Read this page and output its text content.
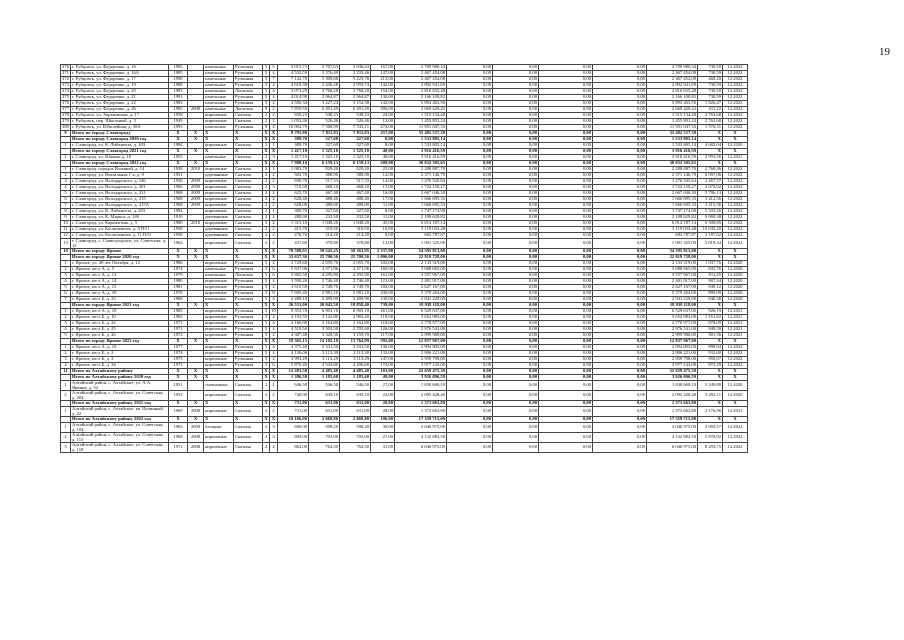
19
370	г. Рубцовск, ул. Федоренко, д. 16	1985		панельные	Рулонная	5	5	5 015,73	3 707,63	3 636,63	167,00	2 709 980,34	0,00	0,00	0,00	0,00	2 709 980,34	730,59	12.2022
371	г. Рубцовск, ул. Федоренко, д. 16А	1985		панельные	Рулонная	5	4	4 532,59	3 376,49	3 233,46	147,00	2 467 454,08	0,00	0,00	0,00	0,00	2 467 454,08	730,59	12.2022
372	г. Рубцовск, ул. Федоренко, д. 17	1990		панельные	Рулонная	5	7	7 142,78	5 309,68	5 225,78	213,00	2 467 454,08	0,00	0,00	0,00	0,00	2 467 454,08	468,20	12.2022
373	г. Рубцовск, ул. Федоренко, д. 19	1988		панельные	Рулонная	5	4	4 618,38	3 436,28	3 959,74	142,00	2 892 941,69	0,00	0,00	0,00	0,00	2 892 941,69	730,59	12.2022
374	г. Рубцовск, ул. Федоренко, д. 20	1985		панельные	Логковая	5	4	5 073,29	3 768,28	3 768,28	154,00	2 810 655,48	0,00	0,00	0,00	0,00	2 810 655,48	730,59	12.2022
375	г. Рубцовск, ул. Федоренко, д. 21	1991		панельные	Рулонная	5	4	4 014,98	2 964,87	2 964,87	130,00	2 166 100,82	0,00	0,00	0,00	0,00	2 166 100,82	730,59	12.2022
376	г. Рубцовск, ул. Федоренко, д. 22	1983		панельные	Рулонная	5	4	4 506,34	3 227,24	3 154,38	142,00	5 894 463,50	0,00	0,00	0,00	0,00	5 894 463,50	1 826,47	12.2023
377	г. Рубцовск, ул. Федоренко, д. 26	1985	2008	панельные	Логковая	9	2	7 859,59	6 491,49	6 491,49	396,00	2 669 429,42	0,00	0,00	0,00	0,00	2 669 429,42	411,22	12.2022
378	г. Рубцовск, ул. Харьковская, д. 17	1958		кирпичные	Скатная	2	2	650,23	548,23	548,23	24,00	1 515 134,48	0,00	0,00	0,00	0,00	1 515 134,48	2 763,68	12.2022
379	г. Рубцовск, пер. Школьный, д. 3	1949		кирпичные	Скатная	2	2	1 052,36	526,46	526,46	12,00	1 455 891,24	0,00	0,00	0,00	0,00	1 455 891,24	2 763,68	12.2022
380	г. Рубцовск, ул. Юбилейная, д. 38А	1993		панельные	Рулонная	9	4	10 004,79	7 568,99	7 533,11	274,00	11 951 047,33	0,00	0,00	0,00	0,00	11 951 047,33	1 576,31	12.2022
9	Итого по городу Славгороду	X	X	X	X	X	X	9 795,80	7 811,83	7 811,83	257,00	35 482 537,38	0,00	0,00	0,00	0,00	35 482 537,38	X	X
	Итого по городу Славгород 2020 год	X	X	X	X	X	X	389,70	327,60	327,60	8,00	1 533 805,14	0,00	0,00	0,00	0,00	1 533 805,14	X	X
1	г. Славгород, ул. К. Либкнехта, д. 203	1984		кирпичные	Скатная	2	1	389,70	327,60	327,60	8,00	1 533 805,14	0,00	0,00	0,00	0,00	1 533 805,14	4 682,04	12.2020
	Итого по городу Славгород 2021 год	X	X	X	X	X	X	1 417,10	1 325,10	1 325,10	40,00	3 916 416,59	0,00	0,00	0,00	0,00	3 916 416,59	X	X
1	г. Славгород, ул. Южная, д. 10	1955		панельные	Скатная	2	3	1 417,10	1 325,10	1 325,10	40,00	3 916 416,59	0,00	0,00	0,00	0,00	3 916 416,59	2 955,56	12.2021
	Итого по городу Славгород 2022 год	X	X	X	X	X	X	7 988,10	6 159,13	6 159,13	209,00	30 032 305,65	0,00	0,00	0,00	0,00	30 032 305,65	X	X
1	г. Славгород, городок Военный, д. 14	1939	2010	кирпичные	Скатная	2	3	1 083,70	829,20	829,20	25,00	2 288 887,70	0,00	0,00	0,00	0,00	2 288 887,70	2 760,36	12.2022
2	г. Славгород, ул. Вокзальная 1-я, д. 9	1931		деревянные	Скатная	2	2	502,70	388,90	388,90	14,00	2 371 146,79	0,00	0,00	0,00	0,00	2 371 146,79	6 097,06	12.2022
3	г. Славгород, ул. Володарского, д. 146	1936	2009	кирпичные	Скатная	2	2	690,70	517,33	517,33	14,00	1 276 545,64	0,00	0,00	0,00	0,00	1 276 545,64	2 467,57	12.2022
4	г. Славгород, ул. Володарского, д. 201	1966	2009	кирпичные	Скатная	2	3	710,30	468,10	468,10	17,00	1 722 150,27	0,00	0,00	0,00	0,00	1 722 150,27	3 679,02	12.2022
5	г. Славгород, ул. Володарского, д. 211	1968	2009	кирпичные	Скатная	2	2	625,70	467,40	467,40	16,00	2 667 046,30	0,00	0,00	0,00	0,00	2 667 046,30	5 706,13	12.2022
6	г. Славгород, ул. Володарского, д. 215	1968	2009	кирпичные	Скатная	2	2	628,40	488,40	488,40	17,00	1 666 695,33	0,00	0,00	0,00	0,00	1 666 695,33	3 412,56	12.2022
7	г. Славгород, ул. Володарского, д. 215А	1968	2009	кирпичные	Скатная	2	2	628,00	488,00	488,00	11,00	1 666 695,33	0,00	0,00	0,00	0,00	1 666 695,33	3 415,36	12.2022
8	г. Славгород, ул. К. Либкнехта, д. 203	1984		кирпичные	Скатная	2	1	389,70	327,60	327,60	8,00	1 747 174,98	0,00	0,00	0,00	0,00	1 747 174,98	5 333,26	12.2022
9	г. Славгород, ул. К. Маркса, д. 149	1910		деревянные	Скатная	2	2	280,90	232,50	232,50	11,00	2 108 629,82	0,00	0,00	0,00	0,00	2 108 629,82	9 069,38	12.2022
10	г. Славгород, ул. Карамзгина, д. 5	1980	2010	кирпичные	Скатная	3	2	1 315,10	1 048,20	1 048,20	45,00	6 814 187,14	0,00	0,00	0,00	0,00	6 814 187,14	6 500,85	12.2022
11	г. Славгород, ул. Космонавтов, д. 9 П/О	1958		деревянные	Скатная	2	2	415,70	310,50	310,50	10,00	3 119 033,48	0,00	0,00	0,00	0,00	3 119 033,48	10 045,20	12.2022
12	г. Славгород, ул. Космонавтов, д. 11 П/О	1958		деревянные	Скатная	2	2	276,70	214,20	214,20	8,00	682 787,87	0,00	0,00	0,00	0,00	682 787,87	3 187,62	12.2022
13	г. Славгород, с. Славгородское, ул. Советская, д. 12	1962		кирпичные	Скатная	2	2	437,60	378,80	378,80	13,00	1 901 325,00	0,00	0,00	0,00	0,00	1 901 325,00	5 019,34	12.2022
10	Итого по городу Яровое	X	X	X	X	X	X	78 588,91	59 545,25	58 363,95	2 337,00	54 595 813,00	0,00	0,00	0,00	0,00	54 595 813,00	X	X
	Итого по городу Яровое 2020 год	X	X	X	X	X	X	33 637,36	25 700,56	25 700,56	1 006,00	22 819 728,00	0,00	0,00	0,00	0,00	22 819 728,00	X	X
1	г. Яровое, ул. 40 лет Октября, д. 12	1986		кирпичные	Рулонная	5	2	2 729,60	2 055,70	2 055,70	102,00	2 133 319,00	0,00	0,00	0,00	0,00	2 133 319,00	1 037,76	12.2020
2	г. Яровое, кв-л А, д. 5	1974		панельные	Рулонная	5	6	5 637,06	4 371,96	4 371,96	160,00	3 688 665,00	0,00	0,00	0,00	0,00	3 688 665,00	843,76	12.2020
3	г. Яровое, кв-л А, д. 12	1979		панельные	Логковая	5	6	5 865,50	4 295,80	4 295,80	161,00	3 557 967,00	0,00	0,00	0,00	0,00	3 557 967,00	811,45	12.2020
4	г. Яровое, кв-л А, д. 14	1980		кирпичные	Рулонная	5	4	3 590,20	2 746,40	2 746,40	121,00	2 491 917,00	0,00	0,00	0,00	0,00	2 491 917,00	907,34	12.2020
5	г. Яровое, кв-л А, д. 15	1981		кирпичные	Рулонная	5	4	3 610,50	2 749,70	2 749,70	102,00	2 627 167,00	0,00	0,00	0,00	0,00	2 627 167,00	949,12	12.2020
6	г. Яровое, кв-л А, д. 39	1976		кирпичные	Рулонная	5	8	7 695,40	5 981,10	5 981,10	230,00	5 379 264,00	0,00	0,00	0,00	0,00	5 379 264,00	899,09	12.2020
7	г. Яровое, кв-л Б, д. 23	1968		панельные	Рулонная	5	4	4 489,10	3 499,90	3 499,90	130,00	2 941 229,00	0,00	0,00	0,00	0,00	2 941 229,00	840,38	12.2020
	Итого по городу Яровое 2021 год	X	X	X	X	X	X	26 531,00	20 042,50	18 858,40	739,00	18 938 118,00	0,00	0,00	0,00	0,00	18 938 118,00	X	X
1	г. Яровое, кв-л А, д. 18	1985		кирпичные	Рулонная	5	10	9 353,70	6 903,10	6 903,10	261,00	6 529 637,00	0,00	0,00	0,00	0,00	6 529 637,00	926,19	12.2021
2	г. Яровое, кв-л Б, д. 10	1965		кирпичные	Рулонная	5	4	4 103,50	3 142,80	2 965,20	119,00	3 652 983,00	0,00	0,00	0,00	0,00	3 652 983,00	1 161,82	12.2021
3	г. Яровое, кв-л Б, д. 24	1971		кирпичные	Рулонная	5	4	4 166,90	3 164,80	3 164,80	118,00	2 778 977,00	0,00	0,00	0,00	0,00	2 778 977,00	878,09	12.2021
4	г. Яровое, кв-л Б, д. 25	1971		кирпичные	Рулонная	5	4	4 519,50	3 503,50	2 705,60	126,00	2 976 541,00	0,00	0,00	0,00	0,00	2 976 541,00	849,59	12.2021
5	г. Яровое, кв-л Б, д. 26	1972		кирпичные	Рулонная	5	4	4 387,40	3 328,30	3 159,70	117,00	2 999 980,00	0,00	0,00	0,00	0,00	2 999 980,00	901,36	12.2021
	Итого по городу Яровое 2022 год	X	X	X	X	X	X	18 365,15	14 102,19	13 764,99	592,00	12 837 967,00	0,00	0,00	0,00	0,00	12 837 967,00	X	X
1	г. Яровое, кв-л А, д. 10	1977		кирпичные	Рулонная	5	4	4 375,40	3 331,50	3 331,50	138,00	2 994 805,00	0,00	0,00	0,00	0,00	2 994 805,00	898,94	12.2022
2	г. Яровое, кв-л Б, д. 2	1974		кирпичные	Рулонная	5	4	4 126,06	3 113,30	3 113,30	133,00	2 906 221,00	0,00	0,00	0,00	0,00	2 906 221,00	932,60	12.2022
3	г. Яровое, кв-л Б, д. 3	1975		кирпичные	Рулонная	5	4	3 993,29	3 113,29	3 113,29	147,00	2 959 798,00	0,00	0,00	0,00	0,00	2 959 798,00	950,67	12.2022
4	г. Яровое, кв-л Б, д. 34	1973		кирпичные	Рулонная	5	6	5 870,40	4 543,80	4 206,60	174,00	3 977 143,00	0,00	0,00	0,00	0,00	3 977 143,00	875,29	12.2022
11	Итого по Алтайскому району	X	X	X	X	X	X	12 283,50	4 485,40	4 485,40	183,00	22 659 475,39	0,00	0,00	0,00	0,00	22 659 475,39	X	X
	Итого по Алтайскому району 2020 год	X	X	X	X	X	X	1 386,50	1 185,60	1 185,60	49,00	3 926 096,59	0,00	0,00	0,00	0,00	3 926 096,59	X	X
1	Алтайский район, с. Алтайское, ул. А.А. Яркина, д. 52	1951		смешанные	Скатная	2	1	646,50	546,50	546,50	27,00	1 830 668,19	0,00	0,00	0,00	0,00	1 830 668,19	3 349,80	12.2020
2	Алтайский район, с. Алтайское, ул. Советская, д. 204	1953		кирпичные	Скатная	2	2	740,00	639,10	639,10	22,00	2 095 428,40	0,00	0,00	0,00	0,00	2 095 428,40	3 292,11	12.2020
	Итого по Алтайскому району 2021 год	X	X	X	X	X	X	731,00	631,00	631,00	28,00	1 373 663,80	0,00	0,00	0,00	0,00	1 373 663,80	X	X
1	Алтайский район, с. Алтайское, кв. Целинный, д. 22	1969	2008	кирпичные	Скатная	2	2	731,00	631,00	631,00	28,00	1 373 663,80	0,00	0,00	0,00	0,00	1 373 663,80	2 176,96	12.2021
	Итого по Алтайскому району 2022 год	X	X	X	X	X	X	10 166,00	2 668,80	2 668,80	106,00	17 359 715,00	0,00	0,00	0,00	0,00	17 359 715,00	X	X
1	Алтайский район, с. Алтайское, ул. Советская, д. 104	1983	2009	блочные	Скатная	2	3	690,00	598,20	598,20	30,00	3 046 975,00	0,00	0,00	0,00	0,00	3 046 975,00	5 093,57	12.2022
2	Алтайский район, с. Алтайское, ул. Советская, д. 113	1968	2008	кирпичные	Скатная	2	3	809,00	703,00	703,00	27,00	4 132 882,50	0,00	0,00	0,00	0,00	4 132 882,50	5 878,92	12.2022
3	Алтайский район, с. Алтайское, ул. Советская, д. 118	1972	2008	кирпичные	Скатная	2	2	864,00	764,30	764,30	31,00	6 046 975,00	0,00	0,00	0,00	0,00	6 046 975,00	8 293,75	12.2022
